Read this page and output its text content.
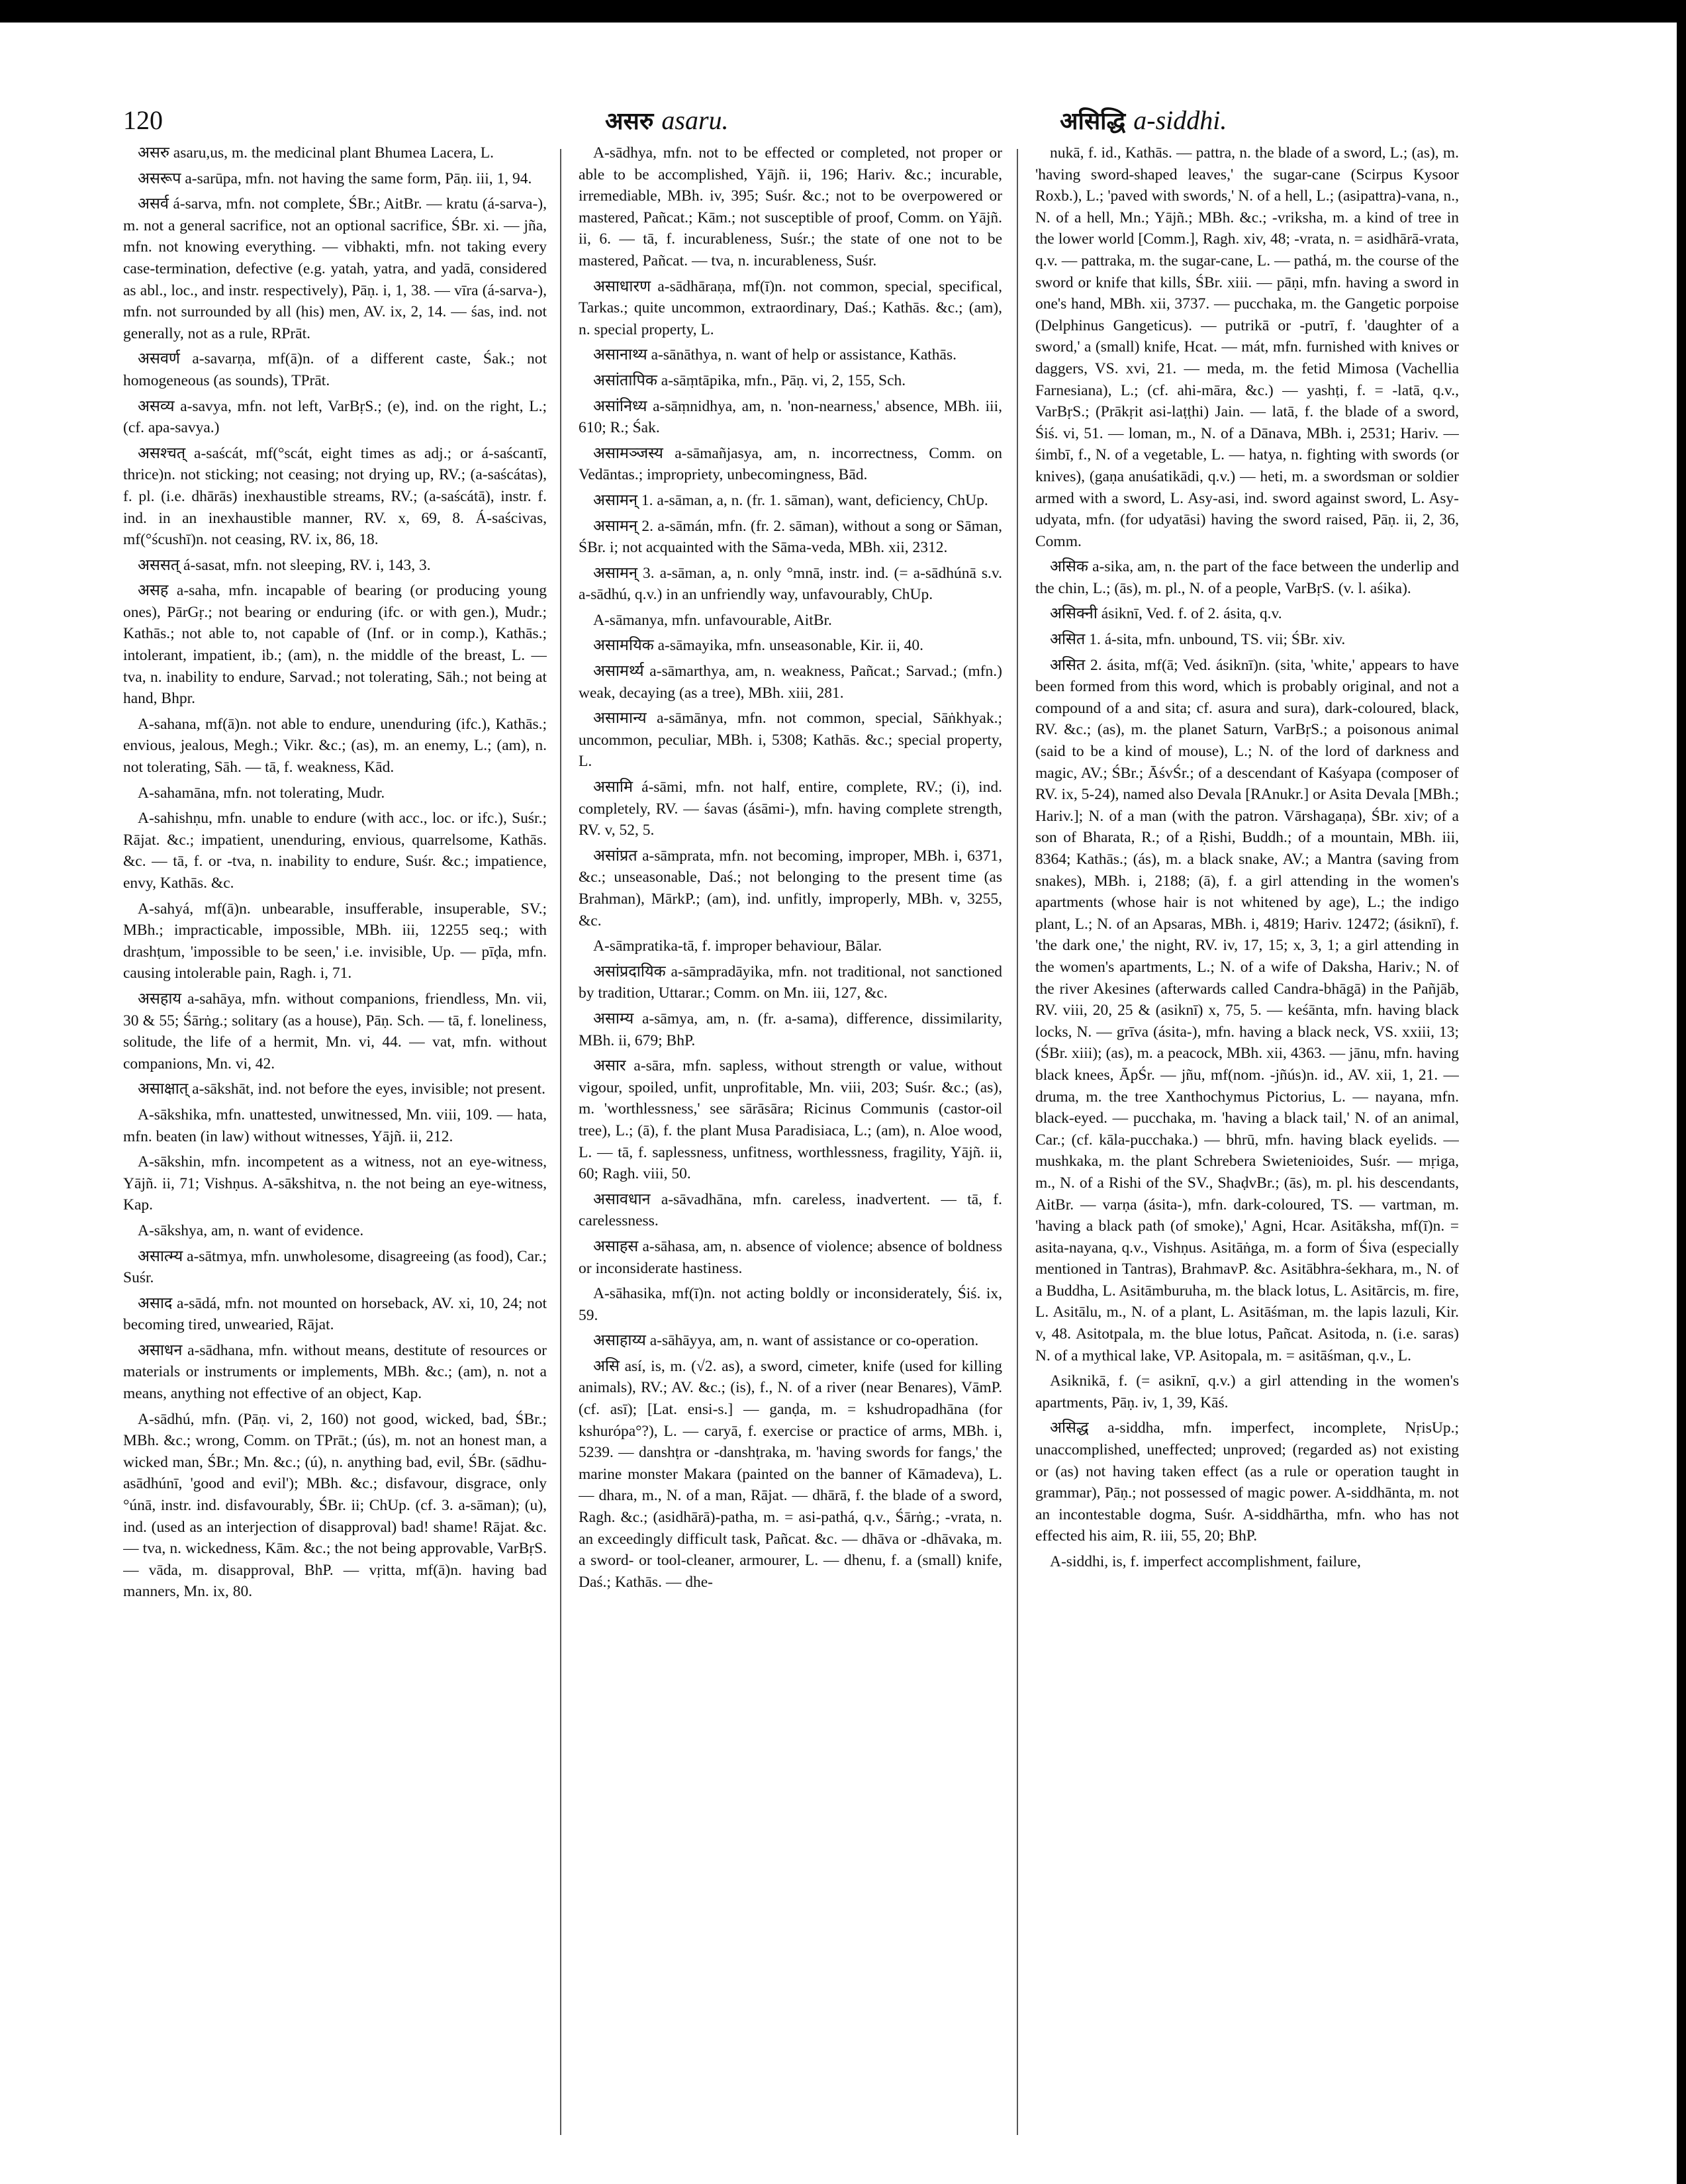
120	असरु asaru.	असिद्धि a-siddhi.

असरु asaru,us, m. the medicinal plant Bhumea Lacera, L.

असरूप a-sarūpa, mfn. not having the same form, Pāṇ. iii, 1, 94.

असर्व á-sarva, mfn. not complete, ŚBr.; AitBr. — kratu (á-sarva-), m. not a general sacrifice, not an optional sacrifice, ŚBr. xi. — jña, mfn. not knowing everything. — vibhakti, mfn. not taking every case-termination, defective (e.g. yatah, yatra, and yadā, considered as abl., loc., and instr. respectively), Pāṇ. i, 1, 38. — vīra (á-sarva-), mfn. not surrounded by all (his) men, AV. ix, 2, 14. — śas, ind. not generally, not as a rule, RPrāt.

असवर्ण a-savarṇa, mf(ā)n. of a different caste, Śak.; not homogeneous (as sounds), TPrāt.

असव्य a-savya, mfn. not left, VarBṛS.; (e), ind. on the right, L.; (cf. apa-savya.)

असश्चत् a-saścát, mf(°scát, eight times as adj.; or á-saścantī, thrice)n. not sticking; not ceasing; not drying up, RV.; (a-saścátas), f. pl. (i.e. dhārās) inexhaustible streams, RV.; (a-saścátā), instr. f. ind. in an inexhaustible manner, RV. x, 69, 8. Á-saścivas, mf(°ścushī)n. not ceasing, RV. ix, 86, 18.

अससत् á-sasat, mfn. not sleeping, RV. i, 143, 3.

असह a-saha, mfn. incapable of bearing (or producing young ones), PārGṛ.; not bearing or enduring (ifc. or with gen.), Mudr.; Kathās.; not able to, not capable of (Inf. or in comp.), Kathās.; intolerant, impatient, ib.; (am), n. the middle of the breast, L. — tva, n. inability to endure, Sarvad.; not tolerating, Sāh.; not being at hand, Bhpr.

A-sahana, mf(ā)n. not able to endure, unenduring (ifc.), Kathās.; envious, jealous, Megh.; Vikr. &c.; (as), m. an enemy, L.; (am), n. not tolerating, Sāh. — tā, f. weakness, Kād.

A-sahamāna, mfn. not tolerating, Mudr.

A-sahishṇu, mfn. unable to endure (with acc., loc. or ifc.), Suśr.; Rājat. &c.; impatient, unenduring, envious, quarrelsome, Kathās. &c. — tā, f. or -tva, n. inability to endure, Suśr. &c.; impatience, envy, Kathās. &c.

A-sahyá, mf(ā)n. unbearable, insufferable, insuperable, SV.; MBh.; impracticable, impossible, MBh. iii, 12255 seq.; with drashṭum, 'impossible to be seen,' i.e. invisible, Up. — pīḍa, mfn. causing intolerable pain, Ragh. i, 71.

असहाय a-sahāya, mfn. without companions, friendless, Mn. vii, 30 & 55; Śārṅg.; solitary (as a house), Pāṇ. Sch. — tā, f. loneliness, solitude, the life of a hermit, Mn. vi, 44. — vat, mfn. without companions, Mn. vi, 42.

असाक्षात् a-sākshāt, ind. not before the eyes, invisible; not present.

A-sākshika, mfn. unattested, unwitnessed, Mn. viii, 109. — hata, mfn. beaten (in law) without witnesses, Yājñ. ii, 212.

A-sākshin, mfn. incompetent as a witness, not an eye-witness, Yājñ. ii, 71; Vishṇus. A-sākshitva, n. the not being an eye-witness, Kap.

A-sākshya, am, n. want of evidence.

असात्म्य a-sātmya, mfn. unwholesome, disagreeing (as food), Car.; Suśr.

असाद a-sādá, mfn. not mounted on horseback, AV. xi, 10, 24; not becoming tired, unwearied, Rājat.

असाधन a-sādhana, mfn. without means, destitute of resources or materials or instruments or implements, MBh. &c.; (am), n. not a means, anything not effective of an object, Kap.

A-sādhú, mfn. (Pāṇ. vi, 2, 160) not good, wicked, bad, ŚBr.; MBh. &c.; wrong, Comm. on TPrāt.; (ús), m. not an honest man, a wicked man, ŚBr.; Mn. &c.; (ú), n. anything bad, evil, ŚBr. (sādhu-asādhúnī, 'good and evil'); MBh. &c.; disfavour, disgrace, only °únā, instr. ind. disfavourably, ŚBr. ii; ChUp. (cf. 3. a-sāman); (u), ind. (used as an interjection of disapproval) bad! shame! Rājat. &c. — tva, n. wickedness, Kām. &c.; the not being approvable, VarBṛS. — vāda, m. disapproval, BhP. — vṛitta, mf(ā)n. having bad manners, Mn. ix, 80.

A-sādhya, mfn. not to be effected or completed, not proper or able to be accomplished, Yājñ. ii, 196; Hariv. &c.; incurable, irremediable, MBh. iv, 395; Suśr. &c.; not to be overpowered or mastered, Pañcat.; Kām.; not susceptible of proof, Comm. on Yājñ. ii, 6. — tā, f. incurableness, Suśr.; the state of one not to be mastered, Pañcat. — tva, n. incurableness, Suśr.

असाधारण a-sādhāraṇa, mf(ī)n. not common, special, specifical, Tarkas.; quite uncommon, extraordinary, Daś.; Kathās. &c.; (am), n. special property, L.

असानाथ्य a-sānāthya, n. want of help or assistance, Kathās.

असांतापिक a-sāṃtāpika, mfn., Pāṇ. vi, 2, 155, Sch.

असांनिध्य a-sāṃnidhya, am, n. 'non-nearness,' absence, MBh. iii, 610; R.; Śak.

असामञ्जस्य a-sāmañjasya, am, n. incorrectness, Comm. on Vedāntas.; impropriety, unbecomingness, Bād.

असामन् 1. a-sāman, a, n. (fr. 1. sāman), want, deficiency, ChUp.

असामन् 2. a-sāmán, mfn. (fr. 2. sāman), without a song or Sāman, ŚBr. i; not acquainted with the Sāma-veda, MBh. xii, 2312.

असामन् 3. a-sāman, a, n. only °mnā, instr. ind. (= a-sādhúnā s.v. a-sādhú, q.v.) in an unfriendly way, unfavourably, ChUp.

A-sāmanya, mfn. unfavourable, AitBr.

असामयिक a-sāmayika, mfn. unseasonable, Kir. ii, 40.

असामर्थ्य a-sāmarthya, am, n. weakness, Pañcat.; Sarvad.; (mfn.) weak, decaying (as a tree), MBh. xiii, 281.

असामान्य a-sāmānya, mfn. not common, special, Sāṅkhyak.; uncommon, peculiar, MBh. i, 5308; Kathās. &c.; special property, L.

असामि á-sāmi, mfn. not half, entire, complete, RV.; (i), ind. completely, RV. — śavas (ásāmi-), mfn. having complete strength, RV. v, 52, 5.

असांप्रत a-sāmprata, mfn. not becoming, improper, MBh. i, 6371, &c.; unseasonable, Daś.; not belonging to the present time (as Brahman), MārkP.; (am), ind. unfitly, improperly, MBh. v, 3255, &c.

A-sāmpratika-tā, f. improper behaviour, Bālar.

असांप्रदायिक a-sāmpradāyika, mfn. not traditional, not sanctioned by tradition, Uttarar.; Comm. on Mn. iii, 127, &c.

असाम्य a-sāmya, am, n. (fr. a-sama), difference, dissimilarity, MBh. ii, 679; BhP.

असार a-sāra, mfn. sapless, without strength or value, without vigour, spoiled, unfit, unprofitable, Mn. viii, 203; Suśr. &c.; (as), m. 'worthlessness,' see sārāsāra; Ricinus Communis (castor-oil tree), L.; (ā), f. the plant Musa Paradisiaca, L.; (am), n. Aloe wood, L. — tā, f. saplessness, unfitness, worthlessness, fragility, Yājñ. ii, 60; Ragh. viii, 50.

असावधान a-sāvadhāna, mfn. careless, inadvertent. — tā, f. carelessness.

असाहस a-sāhasa, am, n. absence of violence; absence of boldness or inconsiderate hastiness.

A-sāhasika, mf(ī)n. not acting boldly or inconsiderately, Śiś. ix, 59.

असाहाय्य a-sāhāyya, am, n. want of assistance or co-operation.

असि así, is, m. (√2. as), a sword, cimeter, knife (used for killing animals), RV.; AV. &c.; (is), f., N. of a river (near Benares), VāmP. (cf. asī); [Lat. ensi-s.] — ganḍa, m. = kshudropadhāna (for kshurópa°?), L. — caryā, f. exercise or practice of arms, MBh. i, 5239. — danshṭra or -danshṭraka, m. 'having swords for fangs,' the marine monster Makara (painted on the banner of Kāmadeva), L. — dhara, m., N. of a man, Rājat. — dhārā, f. the blade of a sword, Ragh. &c.; (asidhārā)-patha, m. = asi-pathá, q.v., Śārṅg.; -vrata, n. an exceedingly difficult task, Pañcat. &c. — dhāva or -dhāvaka, m. a sword- or tool-cleaner, armourer, L. — dhenu, f. a (small) knife, Daś.; Kathās. — dhe-

nukā, f. id., Kathās. — pattra, n. the blade of a sword, L.; (as), m. 'having sword-shaped leaves,' the sugar-cane (Scirpus Kysoor Roxb.), L.; 'paved with swords,' N. of a hell, L.; (asipattra)-vana, n., N. of a hell, Mn.; Yājñ.; MBh. &c.; -vriksha, m. a kind of tree in the lower world [Comm.], Ragh. xiv, 48; -vrata, n. = asidhārā-vrata, q.v. — pattraka, m. the sugar-cane, L. — pathá, m. the course of the sword or knife that kills, ŚBr. xiii. — pāṇi, mfn. having a sword in one's hand, MBh. xii, 3737. — pucchaka, m. the Gangetic porpoise (Delphinus Gangeticus). — putrikā or -putrī, f. 'daughter of a sword,' a (small) knife, Hcat. — mát, mfn. furnished with knives or daggers, VS. xvi, 21. — meda, m. the fetid Mimosa (Vachellia Farnesiana), L.; (cf. ahi-māra, &c.) — yashṭi, f. = -latā, q.v., VarBṛS.; (Prākṛit asi-laṭṭhi) Jain. — latā, f. the blade of a sword, Śiś. vi, 51. — loman, m., N. of a Dānava, MBh. i, 2531; Hariv. — śimbī, f., N. of a vegetable, L. — hatya, n. fighting with swords (or knives), (gaṇa anuśatikādi, q.v.) — heti, m. a swordsman or soldier armed with a sword, L. Asy-asi, ind. sword against sword, L. Asy-udyata, mfn. (for udyatāsi) having the sword raised, Pāṇ. ii, 2, 36, Comm.

असिक a-sika, am, n. the part of the face between the underlip and the chin, L.; (ās), m. pl., N. of a people, VarBṛS. (v. l. aśika).

असिक्नी ásiknī, Ved. f. of 2. ásita, q.v.

असित 1. á-sita, mfn. unbound, TS. vii; ŚBr. xiv.

असित 2. ásita, mf(ā; Ved. ásiknī)n. (sita, 'white,' appears to have been formed from this word, which is probably original, and not a compound of a and sita; cf. asura and sura), dark-coloured, black, RV. &c.; (as), m. the planet Saturn, VarBṛS.; a poisonous animal (said to be a kind of mouse), L.; N. of the lord of darkness and magic, AV.; ŚBr.; ĀśvŚr.; of a descendant of Kaśyapa (composer of RV. ix, 5-24), named also Devala [RAnukr.] or Asita Devala [MBh.; Hariv.]; N. of a man (with the patron. Vārshagaṇa), ŚBr. xiv; of a son of Bharata, R.; of a Ṛishi, Buddh.; of a mountain, MBh. iii, 8364; Kathās.; (ás), m. a black snake, AV.; a Mantra (saving from snakes), MBh. i, 2188; (ā), f. a girl attending in the women's apartments (whose hair is not whitened by age), L.; the indigo plant, L.; N. of an Apsaras, MBh. i, 4819; Hariv. 12472; (ásiknī), f. 'the dark one,' the night, RV. iv, 17, 15; x, 3, 1; a girl attending in the women's apartments, L.; N. of a wife of Daksha, Hariv.; N. of the river Akesines (afterwards called Candra-bhāgā) in the Pañjāb, RV. viii, 20, 25 & (asiknī) x, 75, 5. — keśānta, mfn. having black locks, N. — grīva (ásita-), mfn. having a black neck, VS. xxiii, 13; (ŚBr. xiii); (as), m. a peacock, MBh. xii, 4363. — jānu, mfn. having black knees, ĀpŚr. — jñu, mf(nom. -jñús)n. id., AV. xii, 1, 21. — druma, m. the tree Xanthochymus Pictorius, L. — nayana, mfn. black-eyed. — pucchaka, m. 'having a black tail,' N. of an animal, Car.; (cf. kāla-pucchaka.) — bhrū, mfn. having black eyelids. — mushkaka, m. the plant Schrebera Swietenioides, Suśr. — mṛiga, m., N. of a Rishi of the SV., ShaḍvBr.; (ās), m. pl. his descendants, AitBr. — varṇa (ásita-), mfn. dark-coloured, TS. — vartman, m. 'having a black path (of smoke),' Agni, Hcar. Asitāksha, mf(ī)n. = asita-nayana, q.v., Vishṇus. Asitāṅga, m. a form of Śiva (especially mentioned in Tantras), BrahmavP. &c. Asitābhra-śekhara, m., N. of a Buddha, L. Asitāmburuha, m. the black lotus, L. Asitārcis, m. fire, L. Asitālu, m., N. of a plant, L. Asitāśman, m. the lapis lazuli, Kir. v, 48. Asitotpala, m. the blue lotus, Pañcat. Asitoda, n. (i.e. saras) N. of a mythical lake, VP. Asitopala, m. = asitāśman, q.v., L.

Asiknikā, f. (= asiknī, q.v.) a girl attending in the women's apartments, Pāṇ. iv, 1, 39, Kāś.

असिद्ध a-siddha, mfn. imperfect, incomplete, NṛisUp.; unaccomplished, uneffected; unproved; (regarded as) not existing or (as) not having taken effect (as a rule or operation taught in grammar), Pāṇ.; not possessed of magic power. A-siddhānta, m. not an incontestable dogma, Suśr. A-siddhārtha, mfn. who has not effected his aim, R. iii, 55, 20; BhP.

A-siddhi, is, f. imperfect accomplishment, failure,
